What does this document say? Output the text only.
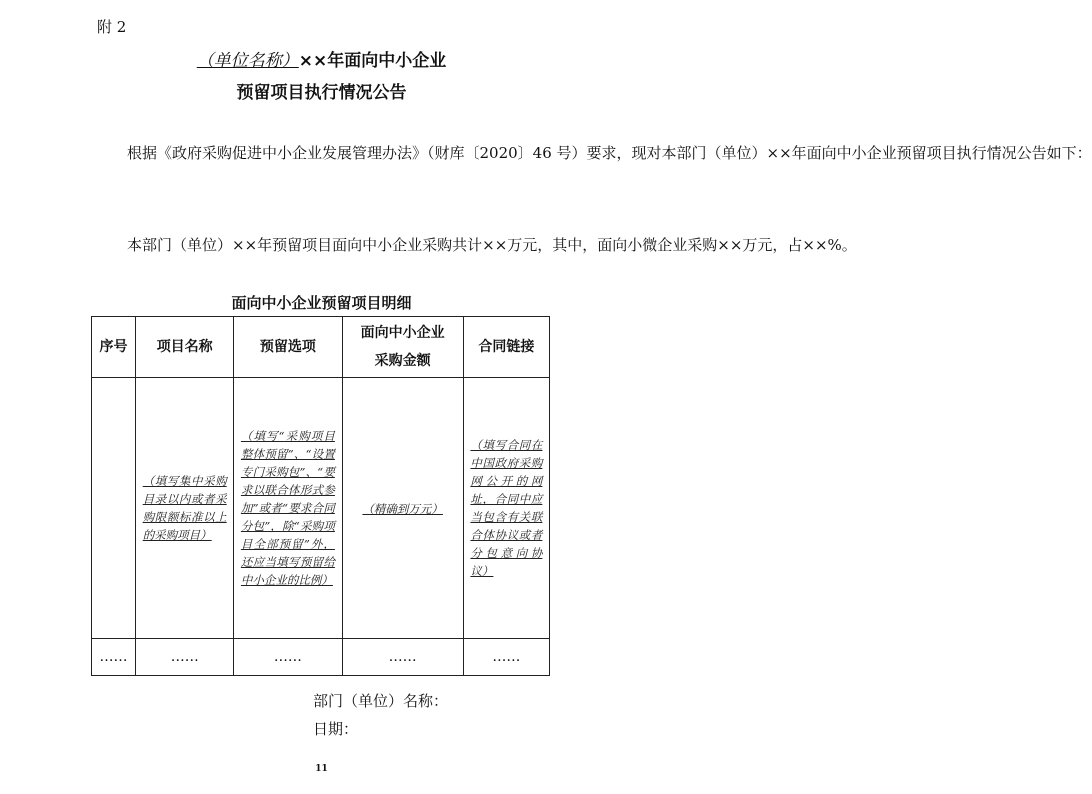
附 2
（单位名称）××年面向中小企业
预留项目执行情况公告

根据《政府采购促进中小企业发展管理办法》（财库〔2020〕46 号）要求，现对本部门（单位）××年面向中小企业预留项目执行情况公告如下：

本部门（单位）××年预留项目面向中小企业采购共计××万元，其中，面向小微企业采购××万元，占××%。

面向中小企业预留项目明细
序号	项目名称	预留选项	面向中小企业采购金额	合同链接
	（填写集中采购目录以内或者采购限额标准以上的采购项目）	（填写“采购项目整体预留”、“设置专门采购包”、“要求以联合体形式参加”或者“要求合同分包”，除“采购项目全部预留”外，还应当填写预留给中小企业的比例）	（精确到万元）	（填写合同在中国政府采购网公开的网址，合同中应当包含有关联合体协议或者分包意向协议）
……	……	……	……	……
部门（单位）名称：
日期：
11
